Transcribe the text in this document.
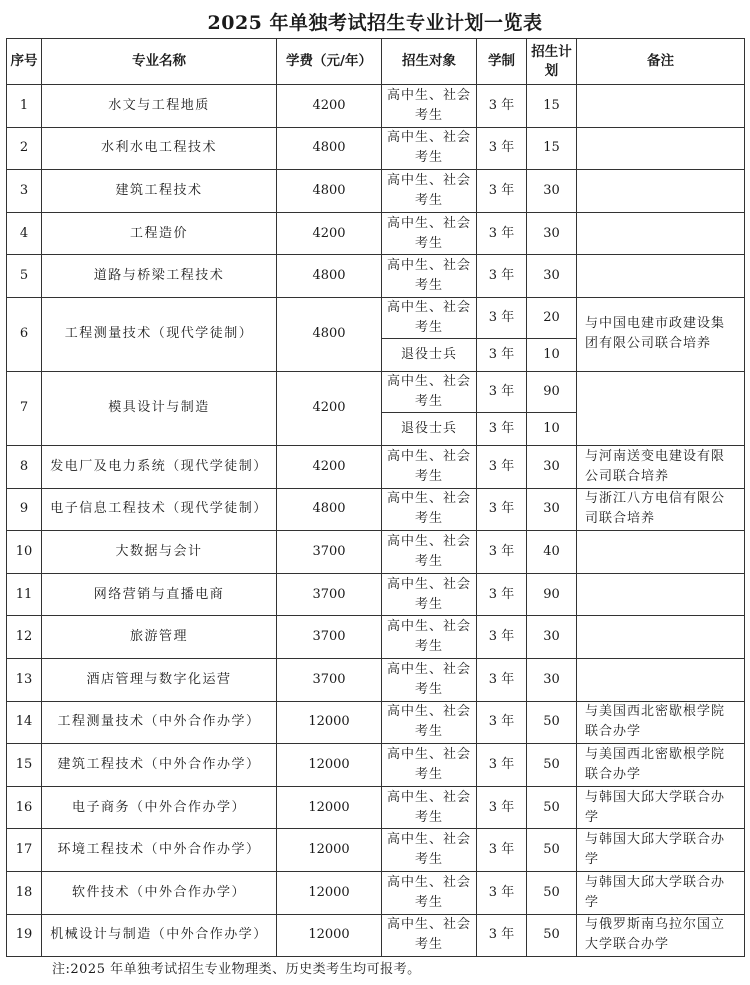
2025 年单独考试招生专业计划一览表
序号	专业名称	学费（元/年）	招生对象	学制	招生计划	备注
1	水文与工程地质	4200	高中生、社会考生	3 年	15	
2	水利水电工程技术	4800	高中生、社会考生	3 年	15	
3	建筑工程技术	4800	高中生、社会考生	3 年	30	
4	工程造价	4200	高中生、社会考生	3 年	30	
5	道路与桥梁工程技术	4800	高中生、社会考生	3 年	30	
6	工程测量技术（现代学徒制）	4800	高中生、社会考生	3 年	20	与中国电建市政建设集团有限公司联合培养
			退役士兵	3 年	10	
7	模具设计与制造	4200	高中生、社会考生	3 年	90	
			退役士兵	3 年	10	
8	发电厂及电力系统（现代学徒制）	4200	高中生、社会考生	3 年	30	与河南送变电建设有限公司联合培养
9	电子信息工程技术（现代学徒制）	4800	高中生、社会考生	3 年	30	与浙江八方电信有限公司联合培养
10	大数据与会计	3700	高中生、社会考生	3 年	40	
11	网络营销与直播电商	3700	高中生、社会考生	3 年	90	
12	旅游管理	3700	高中生、社会考生	3 年	30	
13	酒店管理与数字化运营	3700	高中生、社会考生	3 年	30	
14	工程测量技术（中外合作办学）	12000	高中生、社会考生	3 年	50	与美国西北密歇根学院联合办学
15	建筑工程技术（中外合作办学）	12000	高中生、社会考生	3 年	50	与美国西北密歇根学院联合办学
16	电子商务（中外合作办学）	12000	高中生、社会考生	3 年	50	与韩国大邱大学联合办学
17	环境工程技术（中外合作办学）	12000	高中生、社会考生	3 年	50	与韩国大邱大学联合办学
18	软件技术（中外合作办学）	12000	高中生、社会考生	3 年	50	与韩国大邱大学联合办学
19	机械设计与制造（中外合作办学）	12000	高中生、社会考生	3 年	50	与俄罗斯南乌拉尔国立大学联合办学
注:2025 年单独考试招生专业物理类、历史类考生均可报考。
